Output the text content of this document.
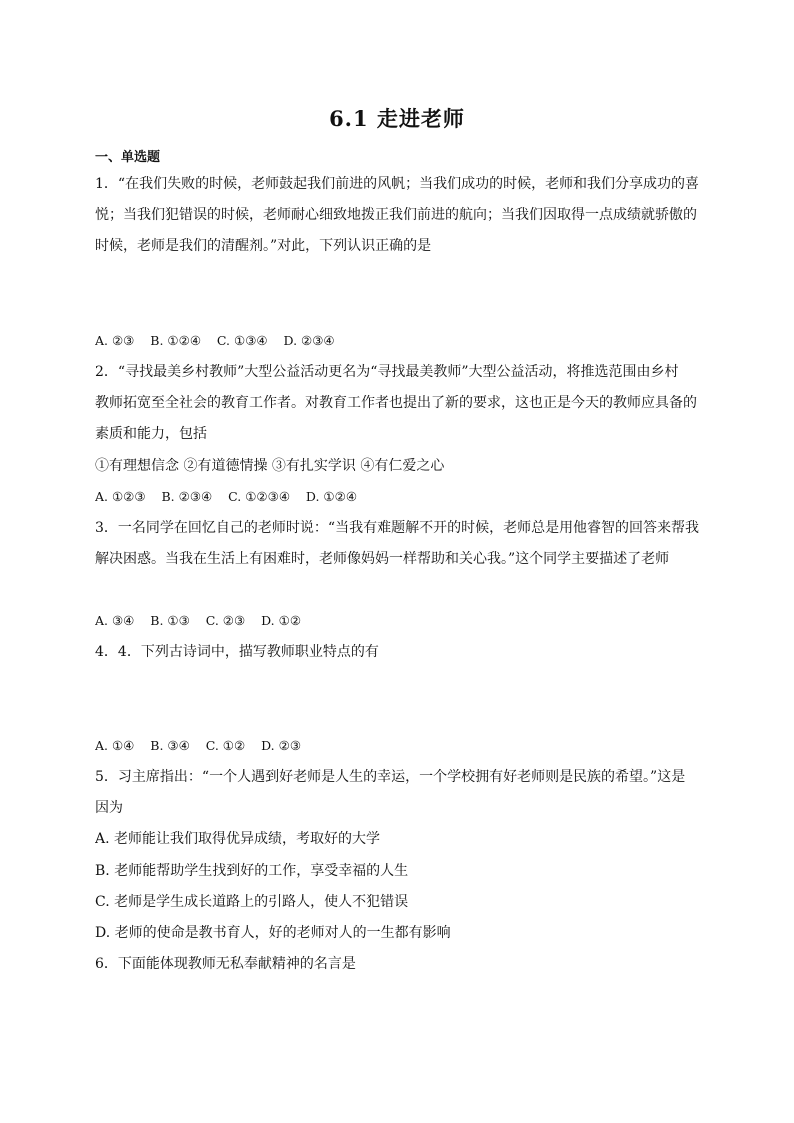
6.1 走进老师
一、单选题
1．“在我们失败的时候，老师鼓起我们前进的风帆；当我们成功的时候，老师和我们分享成功的喜
悦；当我们犯错误的时候，老师耐心细致地拨正我们前进的航向；当我们因取得一点成绩就骄傲的
时候，老师是我们的清醒剂。”对此，下列认识正确的是
A. ②③    B. ①②④    C. ①③④    D. ②③④
2．“寻找最美乡村教师”大型公益活动更名为“寻找最美教师”大型公益活动，将推选范围由乡村
教师拓宽至全社会的教育工作者。对教育工作者也提出了新的要求，这也正是今天的教师应具备的
素质和能力，包括
①有理想信念 ②有道德情操 ③有扎实学识 ④有仁爱之心
A. ①②③    B. ②③④    C. ①②③④    D. ①②④
3．一名同学在回忆自己的老师时说：“当我有难题解不开的时候，老师总是用他睿智的回答来帮我
解决困惑。当我在生活上有困难时，老师像妈妈一样帮助和关心我。”这个同学主要描述了老师
A. ③④    B. ①③    C. ②③    D. ①②
4．4．下列古诗词中，描写教师职业特点的有
A. ①④    B. ③④    C. ①②    D. ②③
5．习主席指出：“一个人遇到好老师是人生的幸运，一个学校拥有好老师则是民族的希望。”这是
因为
A. 老师能让我们取得优异成绩，考取好的大学
B. 老师能帮助学生找到好的工作，享受幸福的人生
C. 老师是学生成长道路上的引路人，使人不犯错误
D. 老师的使命是教书育人，好的老师对人的一生都有影响
6．下面能体现教师无私奉献精神的名言是
